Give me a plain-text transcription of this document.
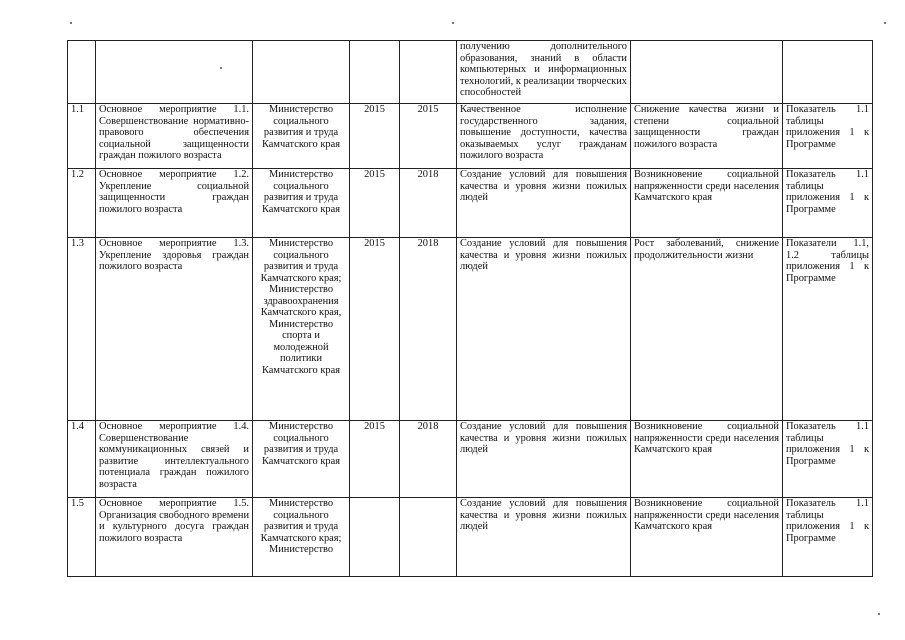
					получению дополнительного образования, знаний в области компьютерных и информационных технологий, к реализации творческих способностей		
1.1	Основное мероприятие 1.1. Совершенствование нормативно-правового обеспечения социальной защищенности граждан пожилого возраста	Министерство социального развития и труда Камчатского края	2015	2015	Качественное исполнение государственного задания, повышение доступности, качества оказываемых услуг гражданам пожилого возраста	Снижение качества жизни и степени социальной защищенности граждан пожилого возраста	Показатель 1.1 таблицы приложения 1 к Программе
1.2	Основное мероприятие 1.2. Укрепление социальной защищенности граждан пожилого возраста	Министерство социального развития и труда Камчатского края	2015	2018	Создание условий для повышения качества и уровня жизни пожилых людей	Возникновение социальной напряженности среди населения Камчатского края	Показатель 1.1 таблицы приложения 1 к Программе
1.3	Основное мероприятие 1.3. Укрепление здоровья граждан пожилого возраста	Министерство социального развития и труда Камчатского края; Министерство здравоохранения Камчатского края, Министерство спорта и молодежной политики Камчатского края	2015	2018	Создание условий для повышения качества и уровня жизни пожилых людей	Рост заболеваний, снижение продолжительности жизни	Показатели 1.1, 1.2 таблицы приложения 1 к Программе
1.4	Основное мероприятие 1.4. Совершенствование коммуникационных связей и развитие интеллектуального потенциала граждан пожилого возраста	Министерство социального развития и труда Камчатского края	2015	2018	Создание условий для повышения качества и уровня жизни пожилых людей	Возникновение социальной напряженности среди населения Камчатского края	Показатель 1.1 таблицы приложения 1 к Программе
1.5	Основное мероприятие 1.5. Организация свободного времени и культурного досуга граждан пожилого возраста	Министерство социального развития и труда Камчатского края; Министерство			Создание условий для повышения качества и уровня жизни пожилых людей	Возникновение социальной напряженности среди населения Камчатского края	Показатель 1.1 таблицы приложения 1 к Программе
